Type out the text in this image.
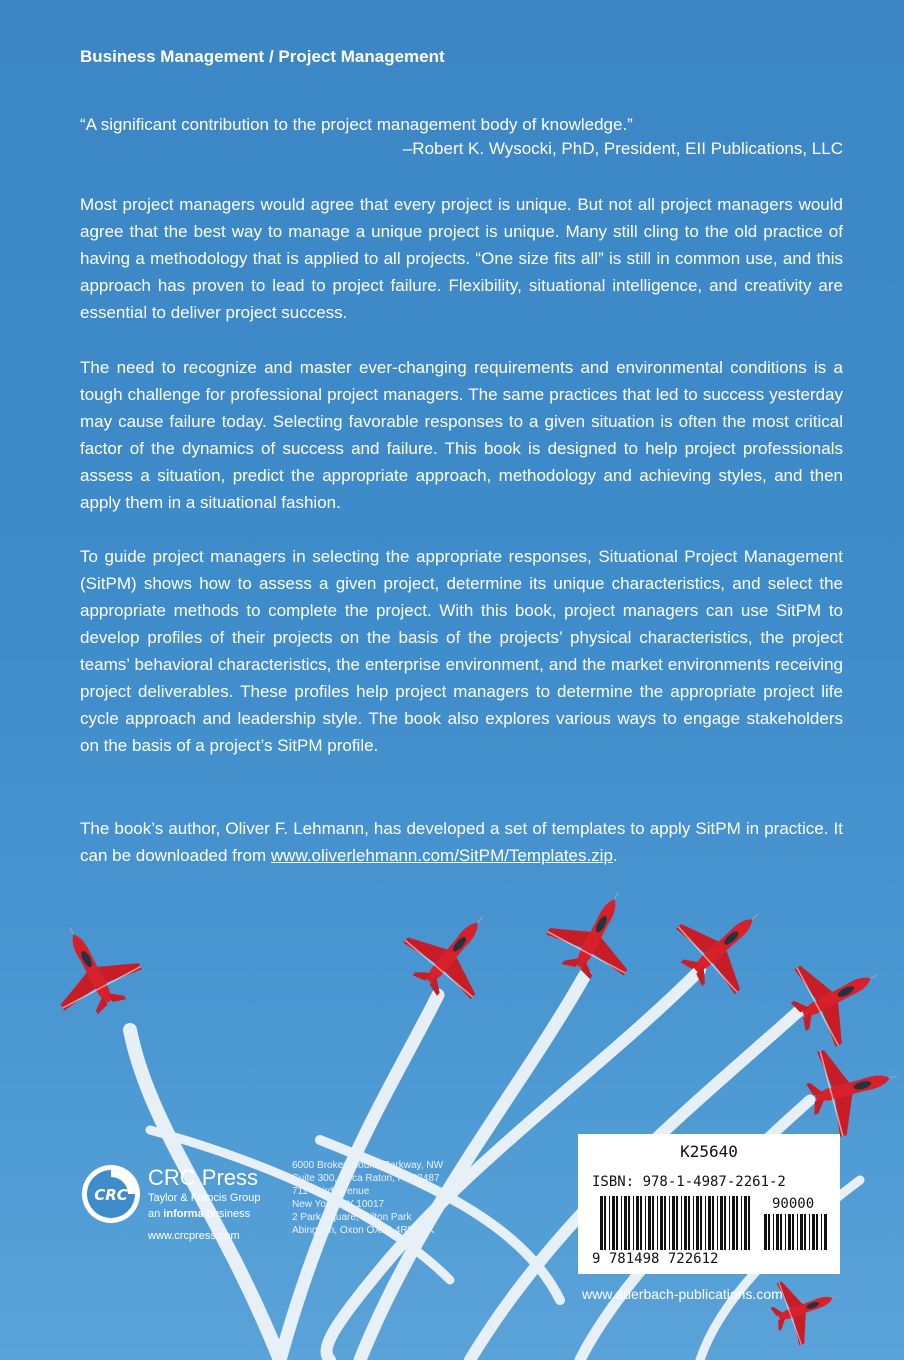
Business Management / Project Management
“A significant contribution to the project management body of knowledge.”
–Robert K. Wysocki, PhD, President, EII Publications, LLC

Most project managers would agree that every project is unique. But not all project managers would agree that the best way to manage a unique project is unique. Many still cling to the old practice of having a methodology that is applied to all projects. “One size fits all” is still in common use, and this approach has proven to lead to project failure. Flexibility, situational intelligence, and creativity are essential to deliver project success.

The need to recognize and master ever-changing requirements and environmental conditions is a tough challenge for professional project managers. The same practices that led to success yesterday may cause failure today. Selecting favorable responses to a given situation is often the most critical factor of the dynamics of success and failure. This book is designed to help project professionals assess a situation, predict the appropriate approach, methodology and achieving styles, and then apply them in a situational fashion.

To guide project managers in selecting the appropriate responses, Situational Project Management (SitPM) shows how to assess a given project, determine its unique characteristics, and select the appropriate methods to complete the project. With this book, project managers can use SitPM to develop profiles of their projects on the basis of the projects’ physical characteristics, the project teams’ behavioral characteristics, the enterprise environment, and the market environments receiving project deliverables. These profiles help project managers to determine the appropriate project life cycle approach and leadership style. The book also explores various ways to engage stakeholders on the basis of a project’s SitPM profile.

The book’s author, Oliver F. Lehmann, has developed a set of templates to apply SitPM in practice. It can be downloaded from www.oliverlehmann.com/SitPM/Templates.zip.

CRC
CRC Press
Taylor & Francis Group
an informa business
www.crcpress.com
6000 Broken Sound Parkway, NW
Suite 300, Boca Raton, FL 33487
711 Third Avenue
New York, NY 10017
2 Park Square, Milton Park
Abingdon, Oxon OX14 4RN, UK
K25640
ISBN: 978-1-4987-2261-2
90000
9 781498 722612
www.auerbach-publications.com
